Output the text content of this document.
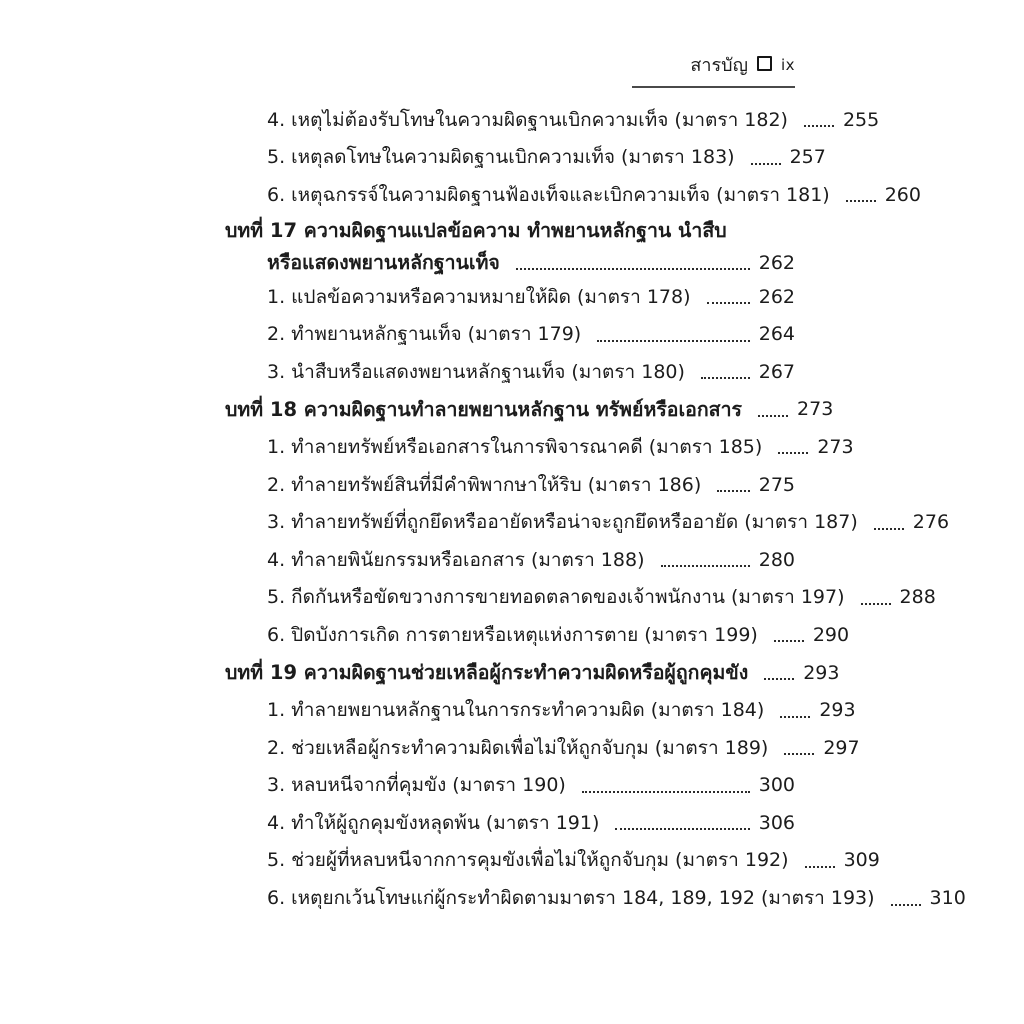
สารบัญ ix
4. เหตุไม่ต้องรับโทษในความผิดฐานเบิกความเท็จ (มาตรา 182)	255
5. เหตุลดโทษในความผิดฐานเบิกความเท็จ (มาตรา 183)	257
6. เหตุฉกรรจ์ในความผิดฐานฟ้องเท็จและเบิกความเท็จ (มาตรา 181)	260
บทที่ 17 ความผิดฐานแปลข้อความ ทำพยานหลักฐาน นำสืบ
หรือแสดงพยานหลักฐานเท็จ	262
1. แปลข้อความหรือความหมายให้ผิด (มาตรา 178)	262
2. ทำพยานหลักฐานเท็จ (มาตรา 179)	264
3. นำสืบหรือแสดงพยานหลักฐานเท็จ (มาตรา 180)	267
บทที่ 18 ความผิดฐานทำลายพยานหลักฐาน ทรัพย์หรือเอกสาร	273
1. ทำลายทรัพย์หรือเอกสารในการพิจารณาคดี (มาตรา 185)	273
2. ทำลายทรัพย์สินที่มีคำพิพากษาให้ริบ (มาตรา 186)	275
3. ทำลายทรัพย์ที่ถูกยึดหรืออายัดหรือน่าจะถูกยึดหรืออายัด (มาตรา 187)	276
4. ทำลายพินัยกรรมหรือเอกสาร (มาตรา 188)	280
5. กีดกันหรือขัดขวางการขายทอดตลาดของเจ้าพนักงาน (มาตรา 197)	288
6. ปิดบังการเกิด การตายหรือเหตุแห่งการตาย (มาตรา 199)	290
บทที่ 19 ความผิดฐานช่วยเหลือผู้กระทำความผิดหรือผู้ถูกคุมขัง	293
1. ทำลายพยานหลักฐานในการกระทำความผิด (มาตรา 184)	293
2. ช่วยเหลือผู้กระทำความผิดเพื่อไม่ให้ถูกจับกุม (มาตรา 189)	297
3. หลบหนีจากที่คุมขัง (มาตรา 190)	300
4. ทำให้ผู้ถูกคุมขังหลุดพ้น (มาตรา 191)	306
5. ช่วยผู้ที่หลบหนีจากการคุมขังเพื่อไม่ให้ถูกจับกุม (มาตรา 192)	309
6. เหตุยกเว้นโทษแก่ผู้กระทำผิดตามมาตรา 184, 189, 192 (มาตรา 193)	310
